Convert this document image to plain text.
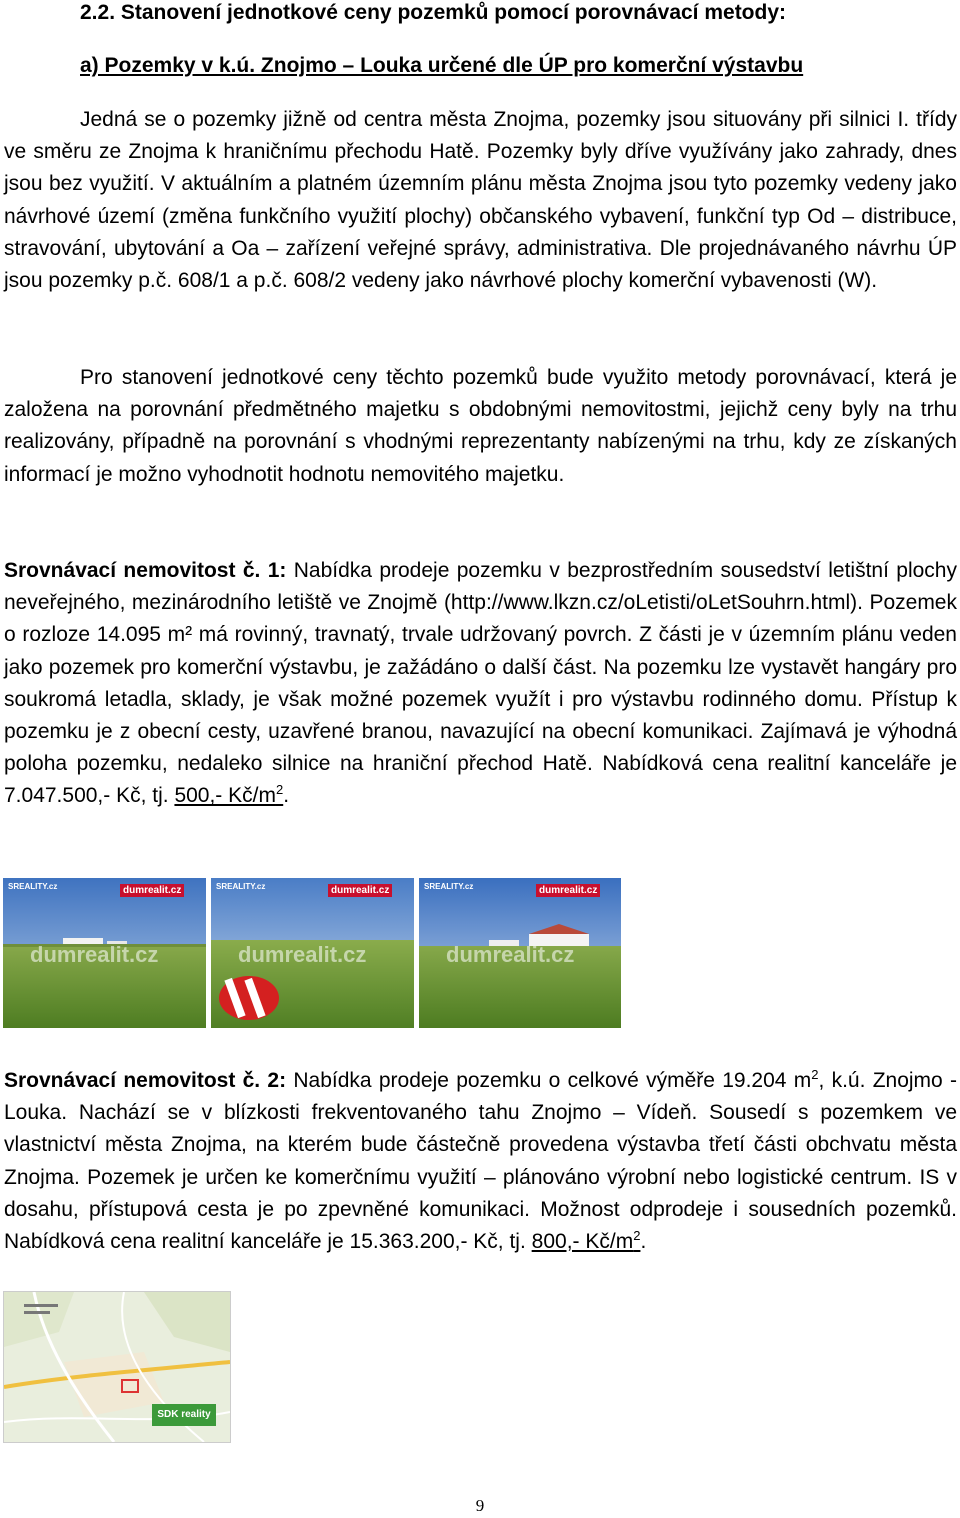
2.2. Stanovení jednotkové ceny pozemků pomocí porovnávací metody:
a) Pozemky v k.ú. Znojmo – Louka určené dle ÚP pro komerční výstavbu

Jedná se o pozemky jižně od centra města Znojma, pozemky jsou situovány při silnici I. třídy ve směru ze Znojma k hraničnímu přechodu Hatě. Pozemky byly dříve využívány jako zahrady, dnes jsou bez využití. V aktuálním a platném územním plánu města Znojma jsou tyto pozemky vedeny jako návrhové území (změna funkčního využití plochy) občanského vybavení, funkční typ Od – distribuce, stravování, ubytování a Oa – zařízení veřejné správy, administrativa. Dle projednávaného návrhu ÚP jsou pozemky p.č. 608/1 a p.č. 608/2 vedeny jako návrhové plochy komerční vybavenosti (W).

Pro stanovení jednotkové ceny těchto pozemků bude využito metody porovnávací, která je založena na porovnání předmětného majetku s obdobnými nemovitostmi, jejichž ceny byly na trhu realizovány, případně na porovnání s vhodnými reprezentanty nabízenými na trhu, kdy ze získaných informací je možno vyhodnotit hodnotu nemovitého majetku.

Srovnávací nemovitost č. 1: Nabídka prodeje pozemku v bezprostředním sousedství letištní plochy neveřejného, mezinárodního letiště ve Znojmě (http://www.lkzn.cz/oLetisti/oLetSouhrn.html). Pozemek o rozloze 14.095 m² má rovinný, travnatý, trvale udržovaný povrch. Z části je v územním plánu veden jako pozemek pro komerční výstavbu, je zažádáno o další část. Na pozemku lze vystavět hangáry pro soukromá letadla, sklady, je však možné pozemek využít i pro výstavbu rodinného domu. Přístup k pozemku je z obecní cesty, uzavřené branou, navazující na obecní komunikaci. Zajímavá je výhodná poloha pozemku, nedaleko silnice na hraniční přechod Hatě. Nabídková cena realitní kanceláře je 7.047.500,- Kč, tj. 500,- $Kč/m^2$.

SREALITY.cz	dumrealit.cz
dumrealit.cz
SREALITY.cz	dumrealit.cz
dumrealit.cz
SREALITY.cz	dumrealit.cz
dumrealit.cz

Srovnávací nemovitost č. 2: Nabídka prodeje pozemku o celkové výměře 19.204 $m^2$, k.ú. Znojmo - Louka. Nachází se v blízkosti frekventovaného tahu Znojmo – Vídeň. Sousedí s pozemkem ve vlastnictví města Znojma, na kterém bude částečně provedena výstavba třetí části obchvatu města Znojma. Pozemek je určen ke komerčnímu využití – plánováno výrobní nebo logistické centrum. IS v dosahu, přístupová cesta je po zpevněné komunikaci. Možnost odprodeje i sousedních pozemků. Nabídková cena realitní kanceláře je 15.363.200,- Kč, tj. 800,- $Kč/m^2$.

SDK reality
9
